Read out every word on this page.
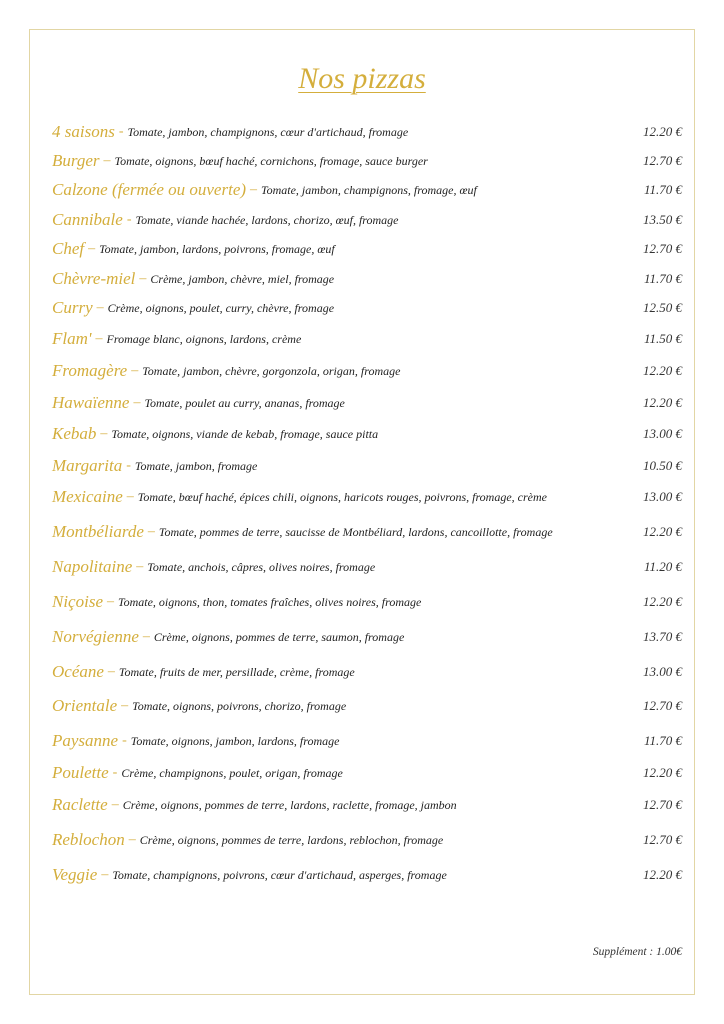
Nos pizzas
4 saisons - Tomate, jambon, champignons, cœur d'artichaud, fromage	12.20 €
Burger – Tomate, oignons, bœuf haché, cornichons, fromage, sauce burger	12.70 €
Calzone (fermée ou ouverte) – Tomate, jambon, champignons, fromage, œuf	11.70 €
Cannibale - Tomate, viande hachée, lardons, chorizo, œuf, fromage	13.50 €
Chef – Tomate, jambon, lardons, poivrons, fromage, œuf	12.70 €
Chèvre-miel – Crème, jambon, chèvre, miel, fromage	11.70 €
Curry – Crème, oignons, poulet, curry, chèvre, fromage	12.50 €
Flam' – Fromage blanc, oignons, lardons, crème	11.50 €
Fromagère – Tomate, jambon, chèvre, gorgonzola, origan, fromage	12.20 €
Hawaïenne – Tomate, poulet au curry, ananas, fromage	12.20 €
Kebab – Tomate, oignons, viande de kebab, fromage, sauce pitta	13.00 €
Margarita - Tomate, jambon, fromage	10.50 €
Mexicaine – Tomate, bœuf haché, épices chili, oignons, haricots rouges, poivrons, fromage, crème	13.00 €
Montbéliarde – Tomate, pommes de terre, saucisse de Montbéliard, lardons, cancoillotte, fromage	12.20 €
Napolitaine – Tomate, anchois, câpres, olives noires, fromage	11.20 €
Niçoise – Tomate, oignons, thon, tomates fraîches, olives noires, fromage	12.20 €
Norvégienne – Crème, oignons, pommes de terre, saumon, fromage	13.70 €
Océane – Tomate, fruits de mer, persillade, crème, fromage	13.00 €
Orientale – Tomate, oignons, poivrons, chorizo, fromage	12.70 €
Paysanne - Tomate, oignons, jambon, lardons, fromage	11.70 €
Poulette - Crème, champignons, poulet, origan, fromage	12.20 €
Raclette – Crème, oignons, pommes de terre, lardons, raclette, fromage, jambon	12.70 €
Reblochon – Crème, oignons, pommes de terre, lardons, reblochon, fromage	12.70 €
Veggie – Tomate, champignons, poivrons, cœur d'artichaud, asperges, fromage	12.20 €
Supplément : 1.00€
